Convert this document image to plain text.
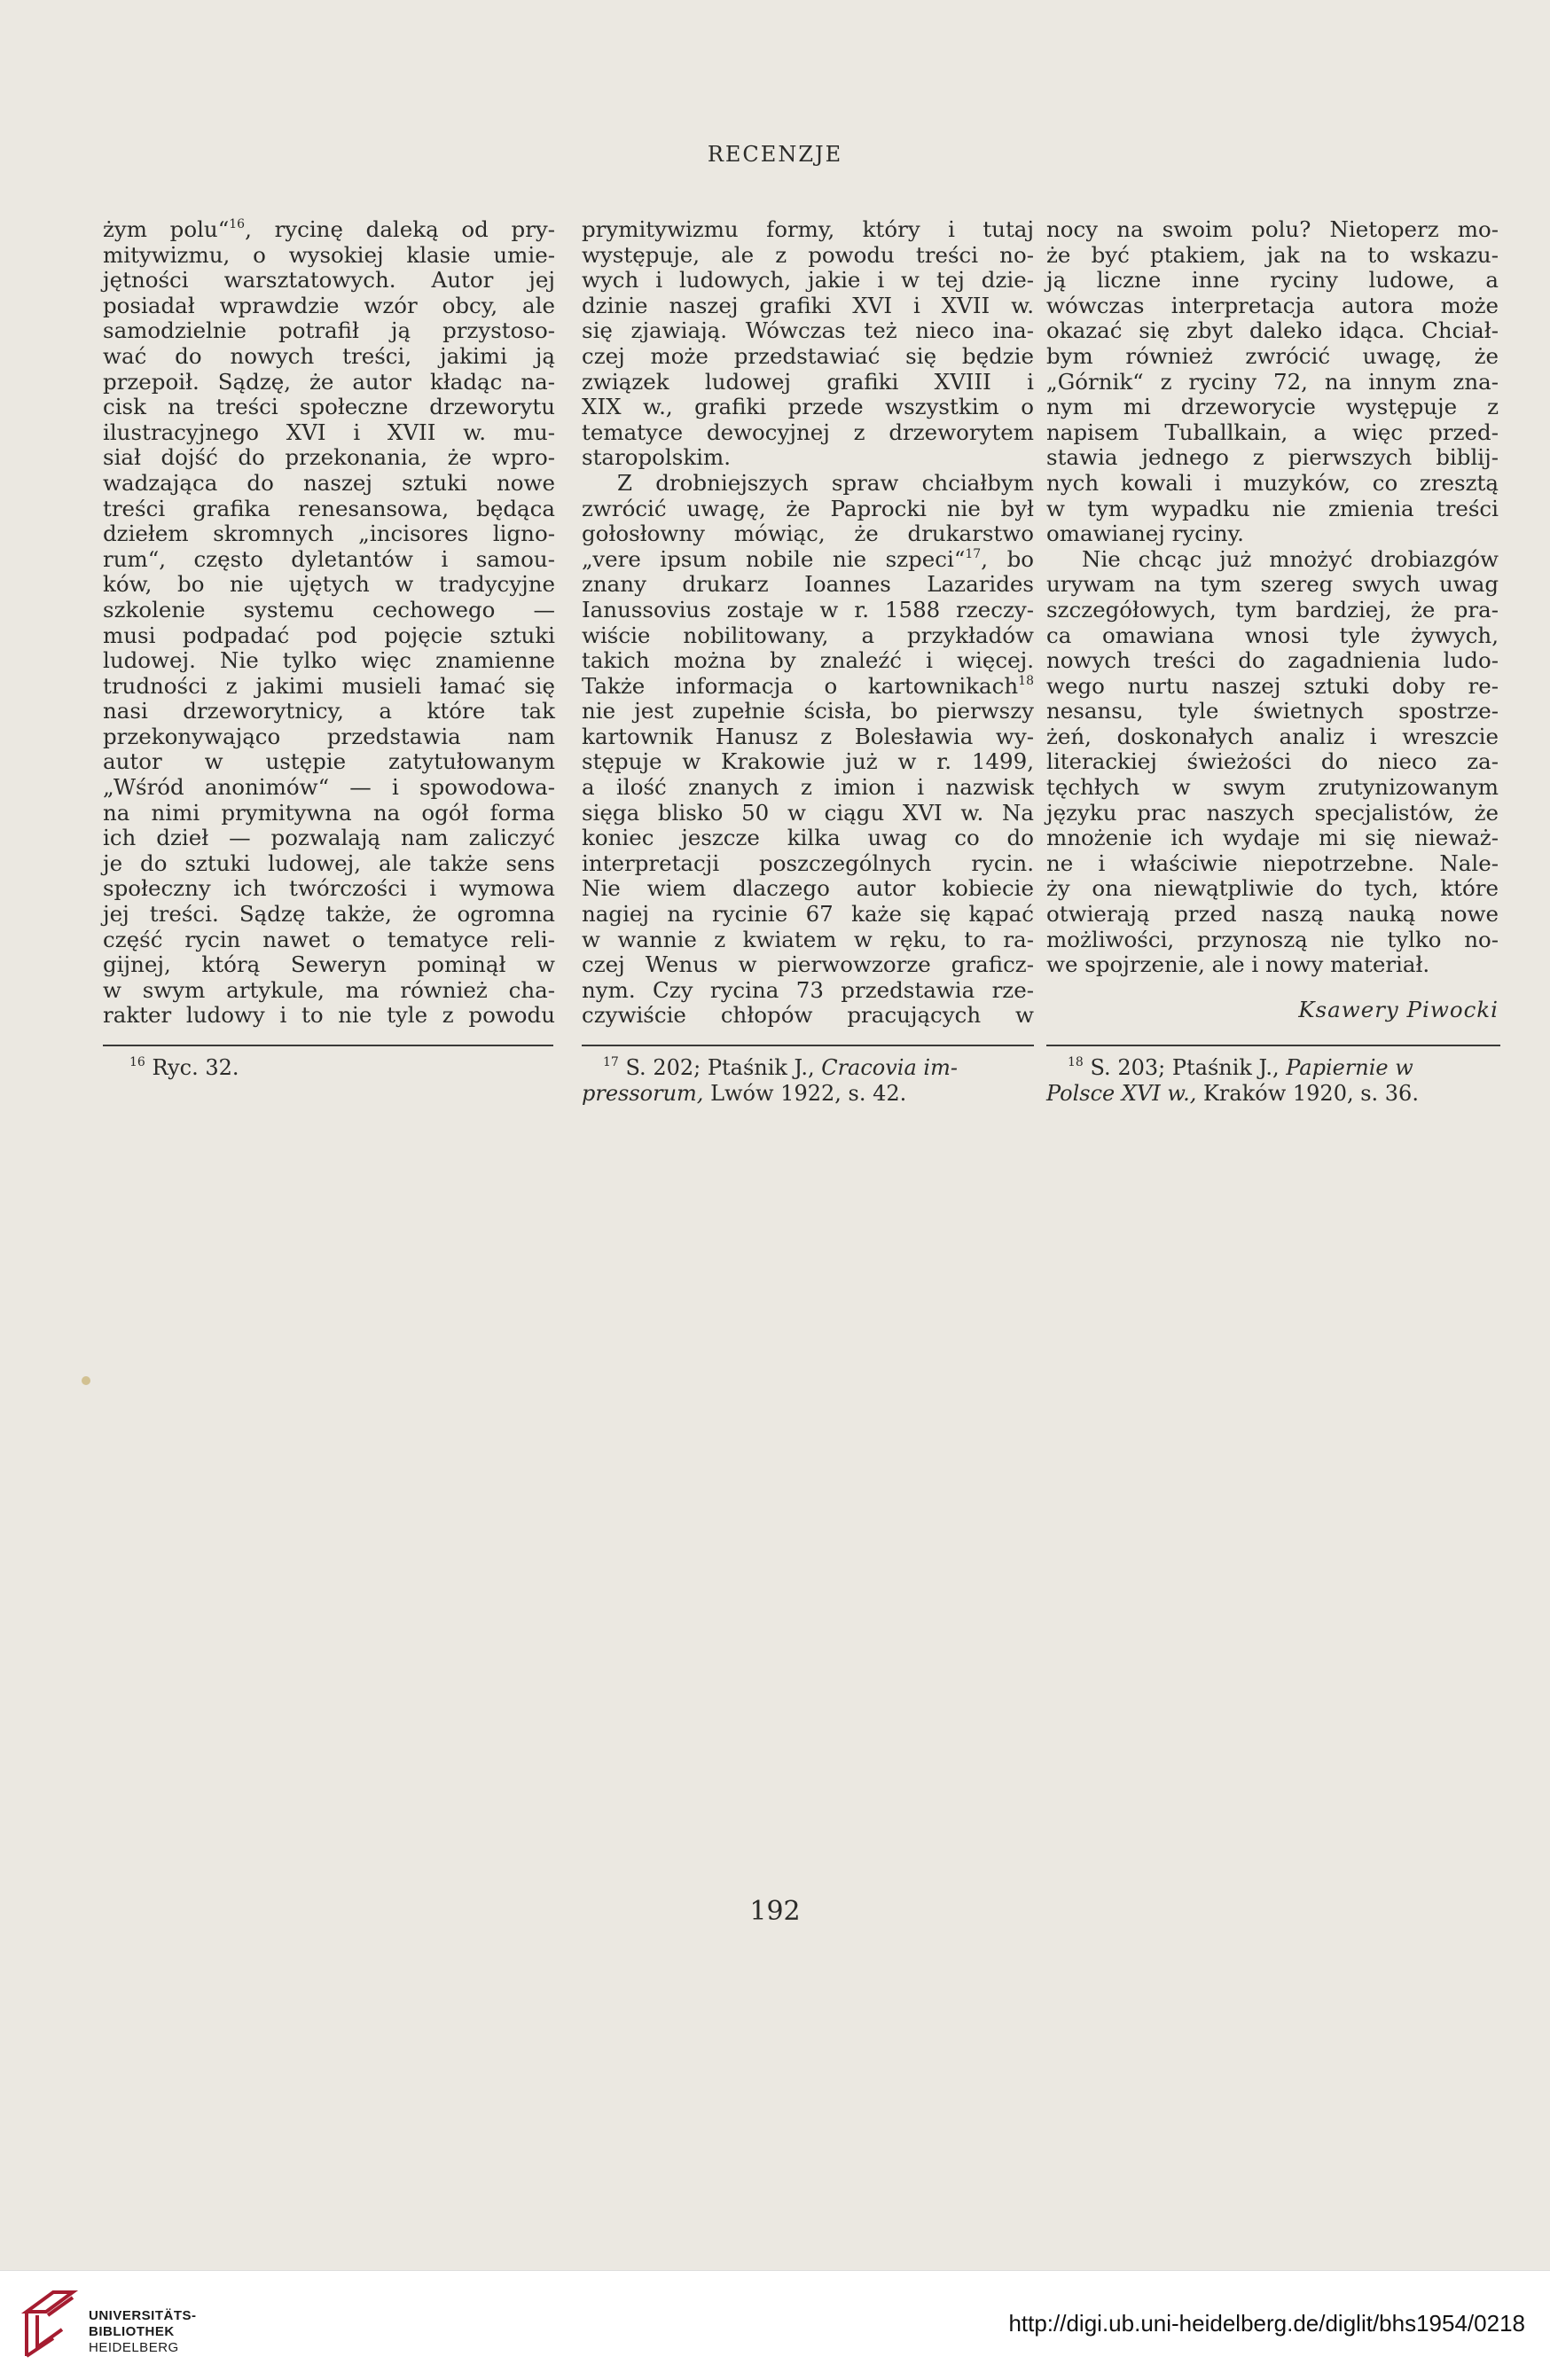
RECENZJE
żym polu“$^{16}$, rycinę daleką od pry-
mitywizmu, o wysokiej klasie umie-
jętności warsztatowych. Autor jej
posiadał wprawdzie wzór obcy, ale
samodzielnie potrafił ją przystoso-
wać do nowych treści, jakimi ją
przepoił. Sądzę, że autor kładąc na-
cisk na treści społeczne drzeworytu
ilustracyjnego XVI i XVII w. mu-
siał dojść do przekonania, że wpro-
wadzająca do naszej sztuki nowe
treści grafika renesansowa, będąca
dziełem skromnych „incisores ligno-
rum“, często dyletantów i samou-
ków, bo nie ujętych w tradycyjne
szkolenie systemu cechowego —
musi podpadać pod pojęcie sztuki
ludowej. Nie tylko więc znamienne
trudności z jakimi musieli łamać się
nasi drzeworytnicy, a które tak
przekonywająco przedstawia nam
autor w ustępie zatytułowanym
„Wśród anonimów“ — i spowodowa-
na nimi prymitywna na ogół forma
ich dzieł — pozwalają nam zaliczyć
je do sztuki ludowej, ale także sens
społeczny ich twórczości i wymowa
jej treści. Sądzę także, że ogromna
część rycin nawet o tematyce reli-
gijnej, którą Seweryn pominął w
w swym artykule, ma również cha-
rakter ludowy i to nie tyle z powodu
prymitywizmu formy, który i tutaj
występuje, ale z powodu treści no-
wych i ludowych, jakie i w tej dzie-
dzinie naszej grafiki XVI i XVII w.
się zjawiają. Wówczas też nieco ina-
czej może przedstawiać się będzie
związek ludowej grafiki XVIII i
XIX w., grafiki przede wszystkim o
tematyce dewocyjnej z drzeworytem
staropolskim.
Z drobniejszych spraw chciałbym
zwrócić uwagę, że Paprocki nie był
gołosłowny mówiąc, że drukarstwo
„vere ipsum nobile nie szpeci“$^{17}$, bo
znany drukarz Ioannes Lazarides
Ianussovius zostaje w r. 1588 rzeczy-
wiście nobilitowany, a przykładów
takich można by znaleźć i więcej.
Także informacja o kartownikach$^{18}$
nie jest zupełnie ścisła, bo pierwszy
kartownik Hanusz z Bolesławia wy-
stępuje w Krakowie już w r. 1499,
a ilość znanych z imion i nazwisk
sięga blisko 50 w ciągu XVI w. Na
koniec jeszcze kilka uwag co do
interpretacji poszczególnych rycin.
Nie wiem dlaczego autor kobiecie
nagiej na rycinie 67 każe się kąpać
w wannie z kwiatem w ręku, to ra-
czej Wenus w pierwowzorze graficz-
nym. Czy rycina 73 przedstawia rze-
czywiście chłopów pracujących w
nocy na swoim polu? Nietoperz mo-
że być ptakiem, jak na to wskazu-
ją liczne inne ryciny ludowe, a
wówczas interpretacja autora może
okazać się zbyt daleko idąca. Chciał-
bym również zwrócić uwagę, że
„Górnik“ z ryciny 72, na innym zna-
nym mi drzeworycie występuje z
napisem Tuballkain, a więc przed-
stawia jednego z pierwszych biblij-
nych kowali i muzyków, co zresztą
w tym wypadku nie zmienia treści
omawianej ryciny.
Nie chcąc już mnożyć drobiazgów
urywam na tym szereg swych uwag
szczegółowych, tym bardziej, że pra-
ca omawiana wnosi tyle żywych,
nowych treści do zagadnienia ludo-
wego nurtu naszej sztuki doby re-
nesansu, tyle świetnych spostrze-
żeń, doskonałych analiz i wreszcie
literackiej świeżości do nieco za-
tęchłych w swym zrutynizowanym
języku prac naszych specjalistów, że
mnożenie ich wydaje mi się nieważ-
ne i właściwie niepotrzebne. Nale-
ży ona niewątpliwie do tych, które
otwierają przed naszą nauką nowe
możliwości, przynoszą nie tylko no-
we spojrzenie, ale i nowy materiał.
Ksawery Piwocki
$^{16}$ Ryc. 32.	$^{17}$ S. 202; Ptaśnik J., Cracovia im-
pressorum, Lwów 1922, s. 42.
$^{18}$ S. 203; Ptaśnik J., Papiernie w
Polsce XVI w., Kraków 1920, s. 36.
192
UNIVERSITÄTS-
BIBLIOTHEK
HEIDELBERG
http://digi.ub.uni-heidelberg.de/diglit/bhs1954/0218
